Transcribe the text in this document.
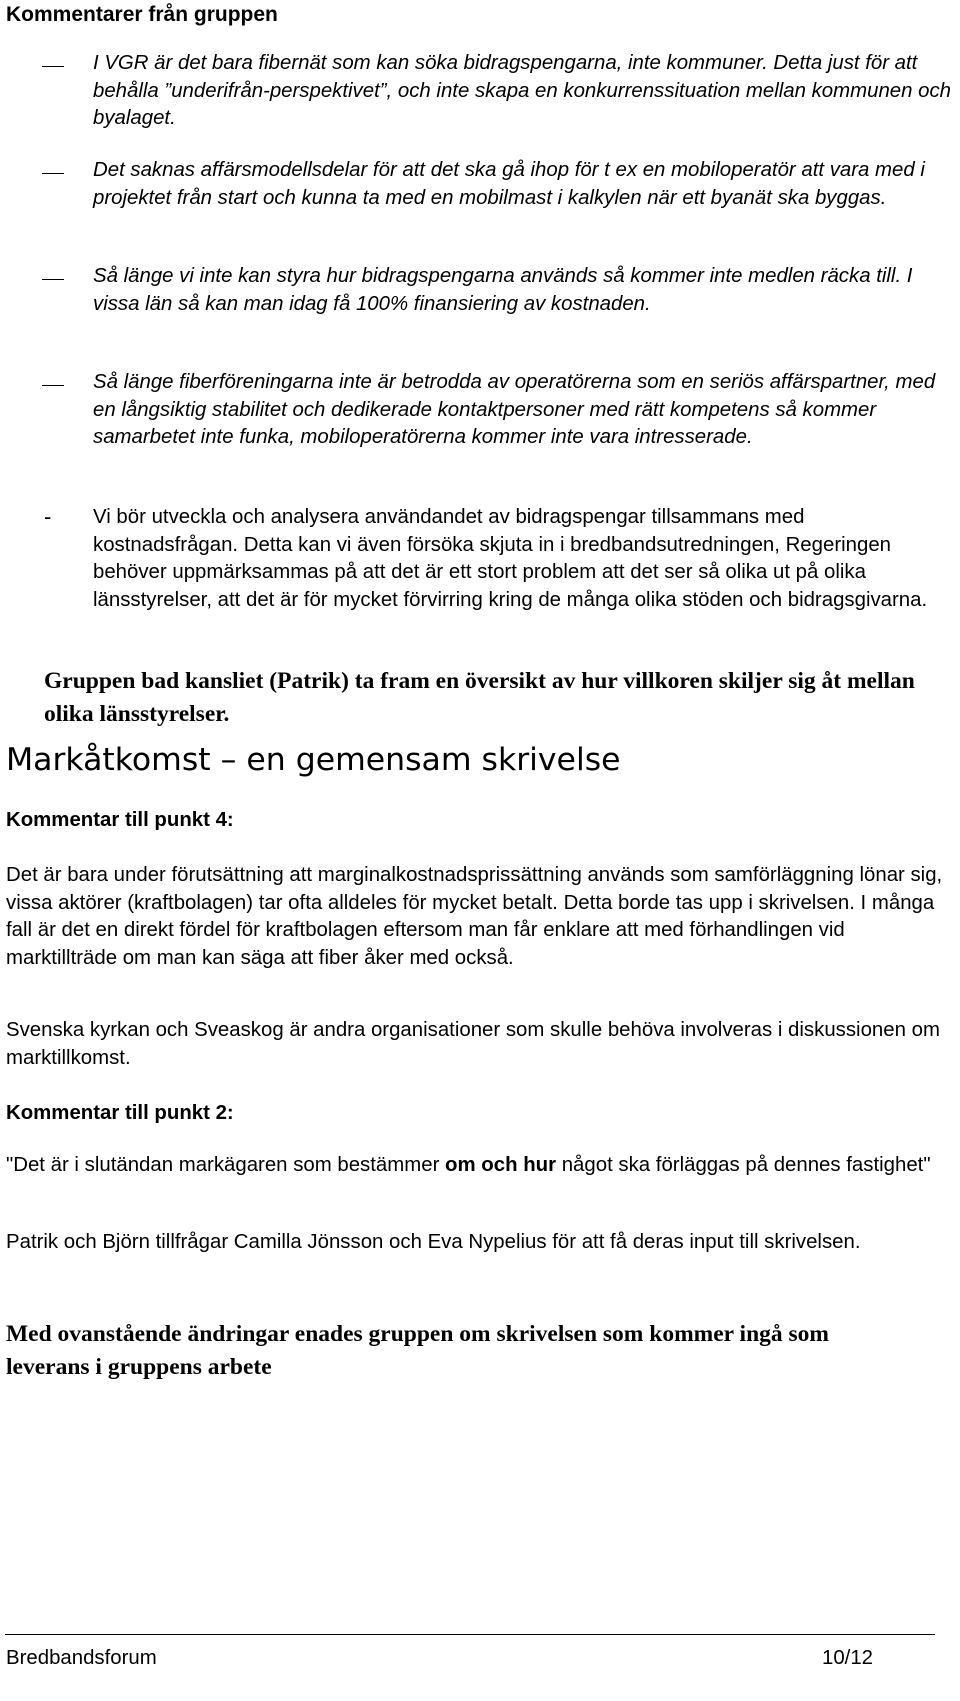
Kommentarer från gruppen
I VGR är det bara fibernät som kan söka bidragspengarna, inte kommuner. Detta just för att behålla ”underifrån-perspektivet”, och inte skapa en konkurrenssituation mellan kommunen och byalaget.
Det saknas affärsmodellsdelar för att det ska gå ihop för t ex en mobiloperatör att vara med i projektet från start och kunna ta med en mobilmast i kalkylen när ett byanät ska byggas.
Så länge vi inte kan styra hur bidragspengarna används så kommer inte medlen räcka till. I vissa län så kan man idag få 100% finansiering av kostnaden.
Så länge fiberföreningarna inte är betrodda av operatörerna som en seriös affärspartner, med en långsiktig stabilitet och dedikerade kontaktpersoner med rätt kompetens så kommer samarbetet inte funka, mobiloperatörerna kommer inte vara intresserade.
- Vi bör utveckla och analysera användandet av bidragspengar tillsammans med kostnadsfrågan. Detta kan vi även försöka skjuta in i bredbandsutredningen, Regeringen behöver uppmärksammas på att det är ett stort problem att det ser så olika ut på olika länsstyrelser, att det är för mycket förvirring kring de många olika stöden och bidragsgivarna.
Gruppen bad kansliet (Patrik) ta fram en översikt av hur villkoren skiljer sig åt mellan olika länsstyrelser.
Markåtkomst – en gemensam skrivelse
Kommentar till punkt 4:
Det är bara under förutsättning att marginalkostnadsprissättning används som samförläggning lönar sig, vissa aktörer (kraftbolagen) tar ofta alldeles för mycket betalt. Detta borde tas upp i skrivelsen. I många fall är det en direkt fördel för kraftbolagen eftersom man får enklare att med förhandlingen vid marktillträde om man kan säga att fiber åker med också.
Svenska kyrkan och Sveaskog är andra organisationer som skulle behöva involveras i diskussionen om marktillkomst.
Kommentar till punkt 2:
"Det är i slutändan markägaren som bestämmer om och hur något ska förläggas på dennes fastighet"
Patrik och Björn tillfrågar Camilla Jönsson och Eva Nypelius för att få deras input till skrivelsen.
Med ovanstående ändringar enades gruppen om skrivelsen som kommer ingå som leverans i gruppens arbete
Bredbandsforum	10/12
